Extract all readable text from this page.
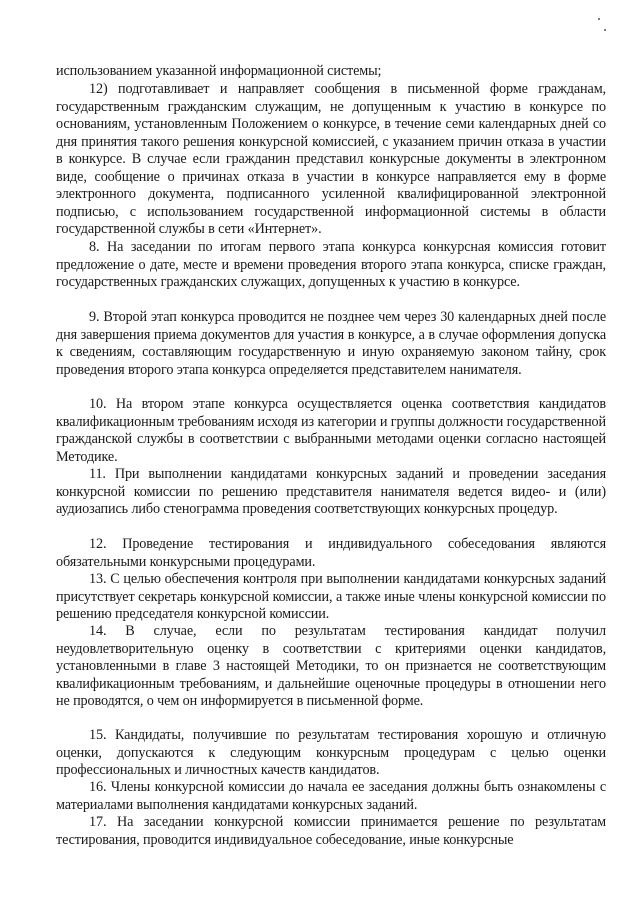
использованием указанной информационной системы;

12) подготавливает и направляет сообщения в письменной форме гражданам, государственным гражданским служащим, не допущенным к участию в конкурсе по основаниям, установленным Положением о конкурсе, в течение семи календарных дней со дня принятия такого решения конкурсной комиссией, с указанием причин отказа в участии в конкурсе. В случае если гражданин представил конкурсные документы в электронном виде, сообщение о причинах отказа в участии в конкурсе направляется ему в форме электронного документа, подписанного усиленной квалифицированной электронной подписью, с использованием государственной информационной системы в области государственной службы в сети «Интернет».

8. На заседании по итогам первого этапа конкурса конкурсная комиссия готовит предложение о дате, месте и времени проведения второго этапа конкурса, списке граждан, государственных гражданских служащих, допущенных к участию в конкурсе.

9. Второй этап конкурса проводится не позднее чем через 30 календарных дней после дня завершения приема документов для участия в конкурсе, а в случае оформления допуска к сведениям, составляющим государственную и иную охраняемую законом тайну, срок проведения второго этапа конкурса определяется представителем нанимателя.

10. На втором этапе конкурса осуществляется оценка соответствия кандидатов квалификационным требованиям исходя из категории и группы должности государственной гражданской службы в соответствии с выбранными методами оценки согласно настоящей Методике.

11. При выполнении кандидатами конкурсных заданий и проведении заседания конкурсной комиссии по решению представителя нанимателя ведется видео- и (или) аудиозапись либо стенограмма проведения соответствующих конкурсных процедур.

12. Проведение тестирования и индивидуального собеседования являются обязательными конкурсными процедурами.

13. С целью обеспечения контроля при выполнении кандидатами конкурсных заданий присутствует секретарь конкурсной комиссии, а также иные члены конкурсной комиссии по решению председателя конкурсной комиссии.

14. В случае, если по результатам тестирования кандидат получил неудовлетворительную оценку в соответствии с критериями оценки кандидатов, установленными в главе 3 настоящей Методики, то он признается не соответствующим квалификационным требованиям, и дальнейшие оценочные процедуры в отношении него не проводятся, о чем он информируется в письменной форме.

15. Кандидаты, получившие по результатам тестирования хорошую и отличную оценки, допускаются к следующим конкурсным процедурам с целью оценки профессиональных и личностных качеств кандидатов.

16. Члены конкурсной комиссии до начала ее заседания должны быть ознакомлены с материалами выполнения кандидатами конкурсных заданий.

17. На заседании конкурсной комиссии принимается решение по результатам тестирования, проводится индивидуальное собеседование, иные конкурсные
